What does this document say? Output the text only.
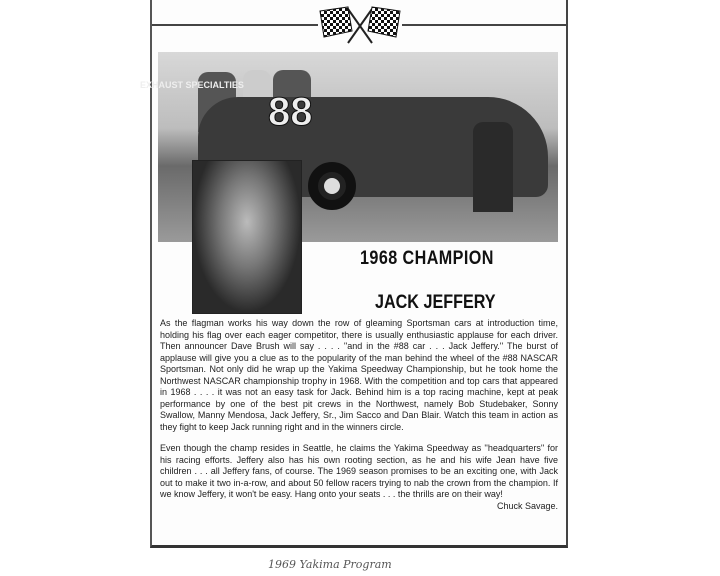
EXHAUST SPECIALTIES
88
1968 CHAMPION
JACK JEFFERY

As the flagman works his way down the row of gleaming Sportsman cars at introduction time, holding his flag over each eager competitor, there is usually enthusiastic applause for each driver. Then announcer Dave Brush will say . . . . ''and in the #88 car . . . Jack Jeffery.'' The burst of applause will give you a clue as to the popularity of the man behind the wheel of the #88 NASCAR Sportsman. Not only did he wrap up the Yakima Speedway Championship, but he took home the Northwest NASCAR championship trophy in 1968. With the competition and top cars that appeared in 1968 . . . . it was not an easy task for Jack. Behind him is a top racing machine, kept at peak performance by one of the best pit crews in the Northwest, namely Bob Studebaker, Sonny Swallow, Manny Mendosa, Jack Jeffery, Sr., Jim Sacco and Dan Blair. Watch this team in action as they fight to keep Jack running right and in the winners circle.

Even though the champ resides in Seattle, he claims the Yakima Speedway as ''headquarters'' for his racing efforts. Jeffery also has his own rooting section, as he and his wife Jean have five children . . . all Jeffery fans, of course. The 1969 season promises to be an exciting one, with Jack out to make it two in-a-row, and about 50 fellow racers trying to nab the crown from the champion. If we know Jeffery, it won't be easy. Hang onto your seats . . . the thrills are on their way!

Chuck Savage.
1969 Yakima Program
